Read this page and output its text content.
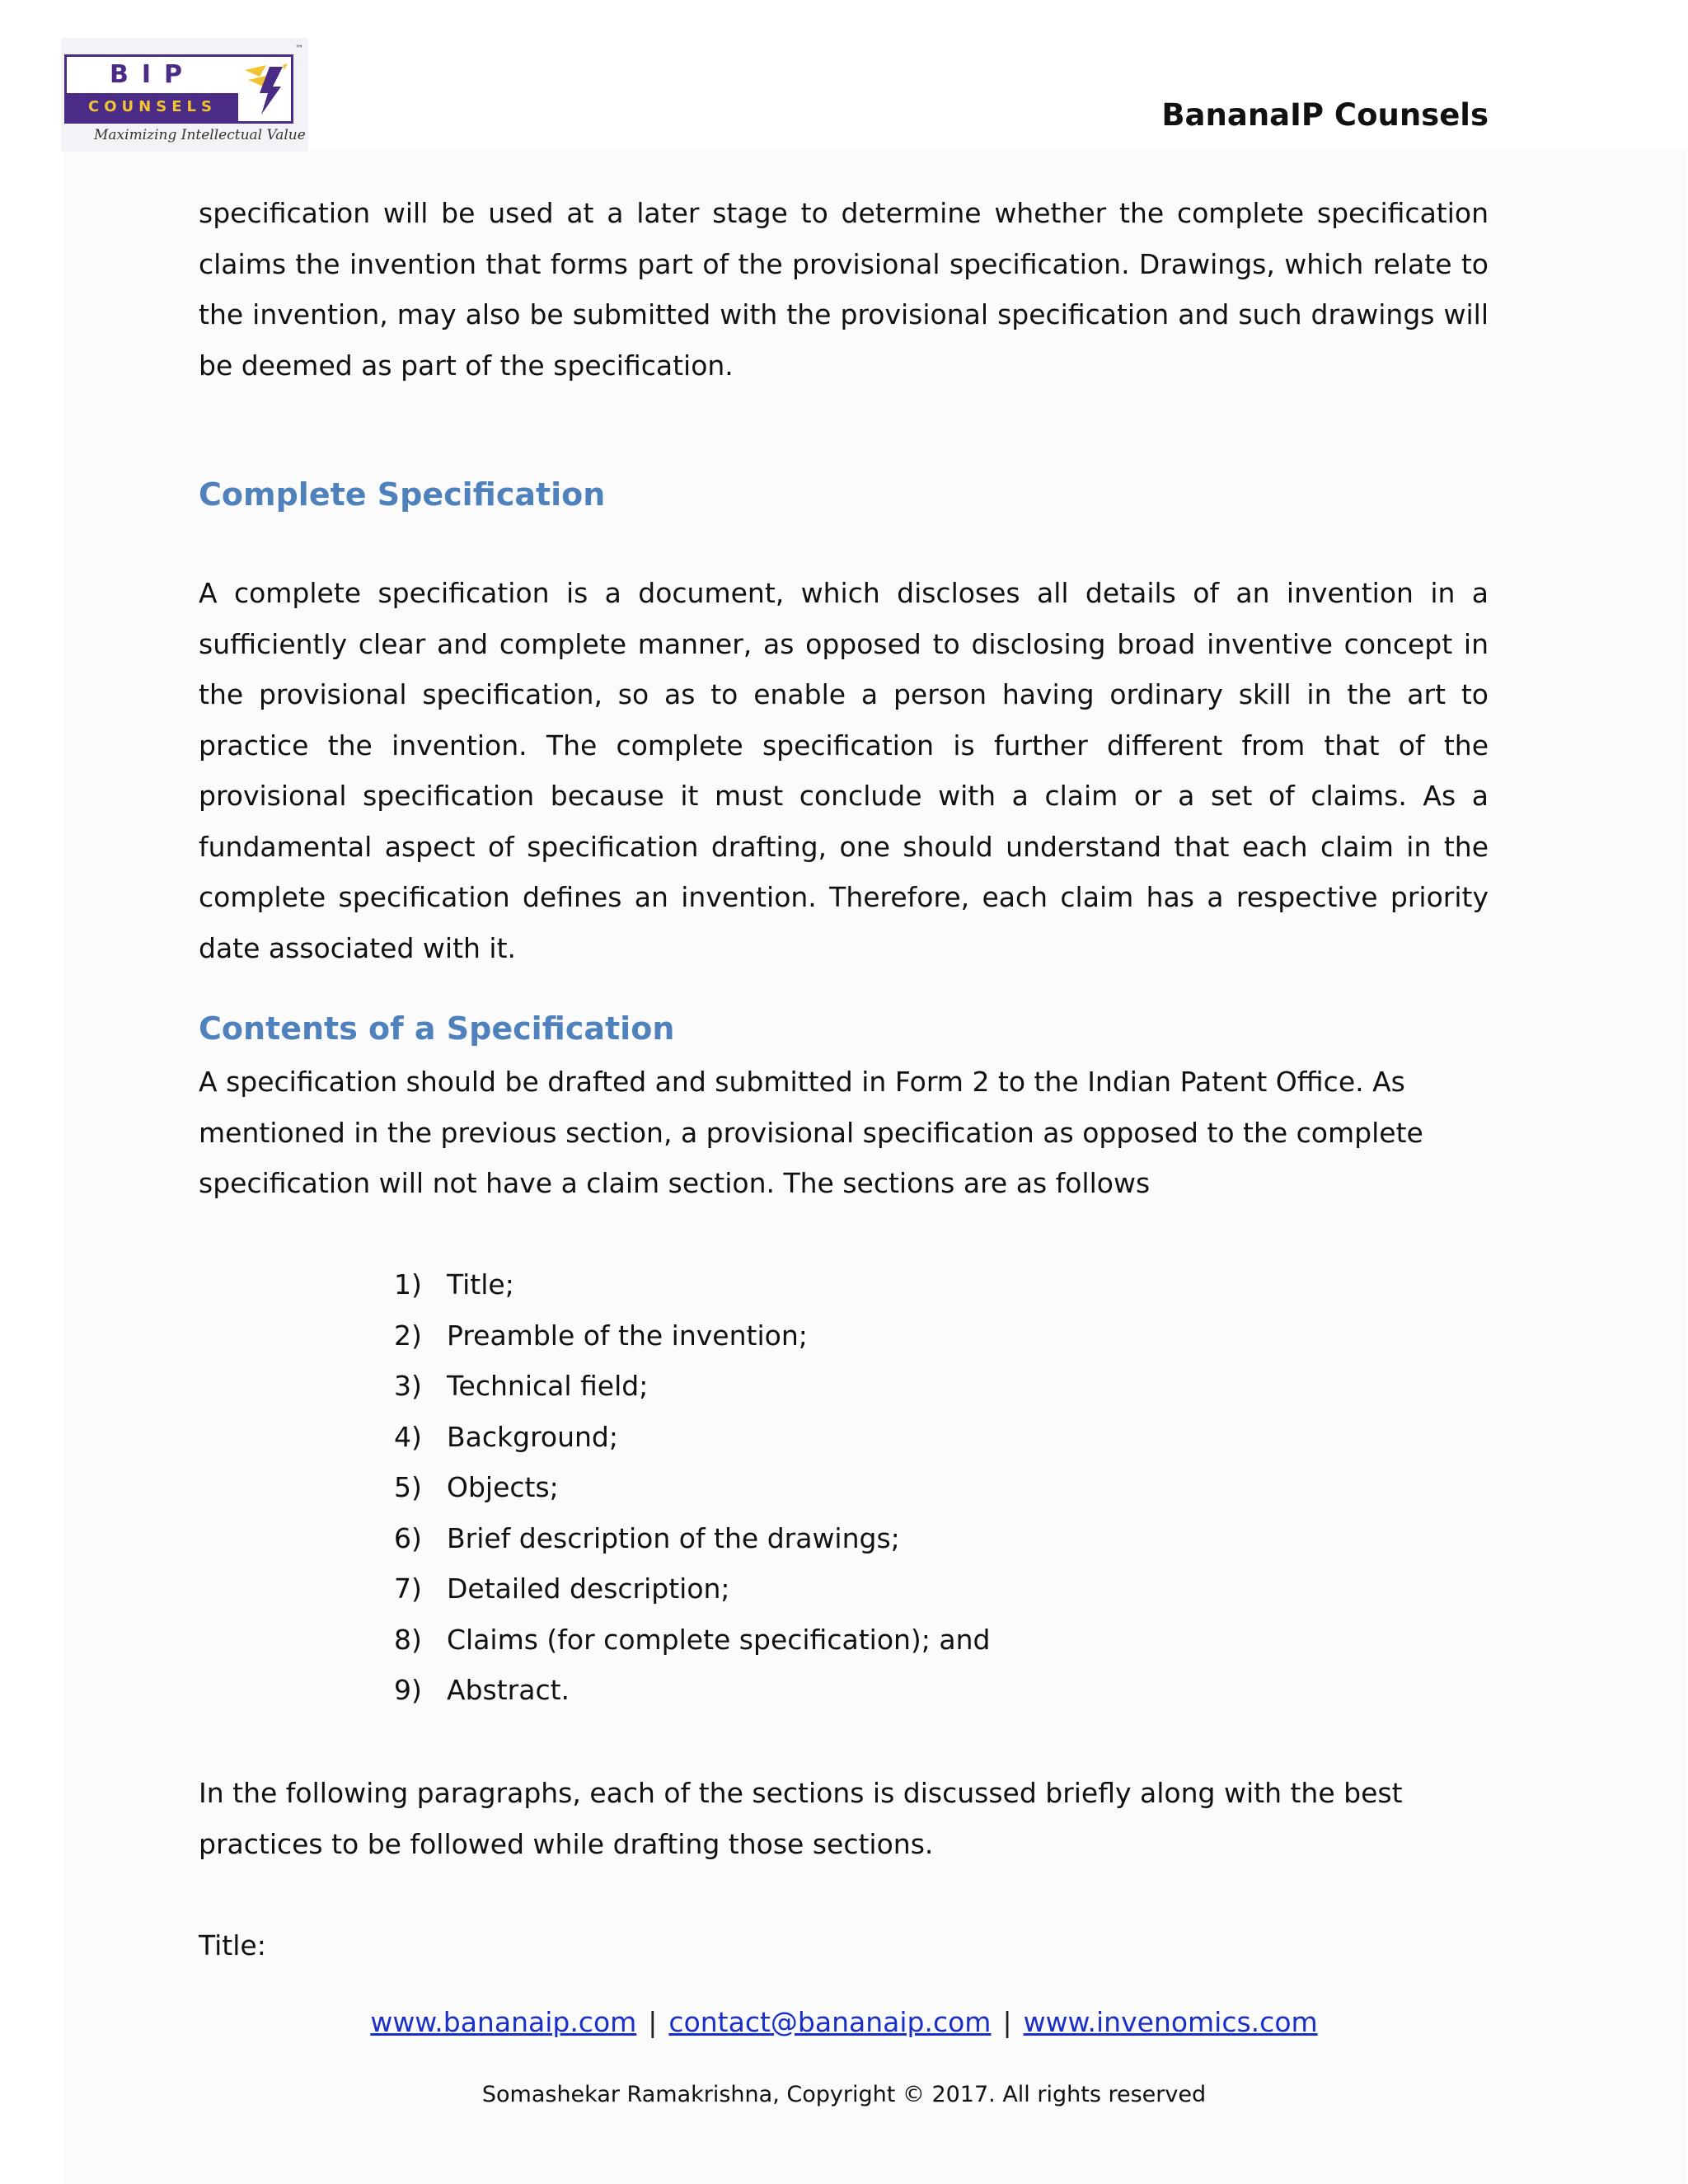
BIP
COUNSELS
™
Maximizing Intellectual Value
BananaIP Counsels
specification will be used at a later stage to determine whether the complete specification claims the invention that forms part of the provisional specification. Drawings, which relate to the invention, may also be submitted with the provisional specification and such drawings will be deemed as part of the specification.
Complete Specification
A complete specification is a document, which discloses all details of an invention in a sufficiently clear and complete manner, as opposed to disclosing broad inventive concept in the provisional specification, so as to enable a person having ordinary skill in the art to practice the invention. The complete specification is further different from that of the provisional specification because it must conclude with a claim or a set of claims. As a fundamental aspect of specification drafting, one should understand that each claim in the complete specification defines an invention. Therefore, each claim has a respective priority date associated with it.
Contents of a Specification
A specification should be drafted and submitted in Form 2 to the Indian Patent Office. As
mentioned in the previous section, a provisional specification as opposed to the complete
specification will not have a claim section. The sections are as follows
1) Title;
2) Preamble of the invention;
3) Technical field;
4) Background;
5) Objects;
6) Brief description of the drawings;
7) Detailed description;
8) Claims (for complete specification); and
9) Abstract.
In the following paragraphs, each of the sections is discussed briefly along with the best
practices to be followed while drafting those sections.
Title:
www.bananaip.com | contact@bananaip.com | www.invenomics.com
Somashekar Ramakrishna, Copyright © 2017. All rights reserved
